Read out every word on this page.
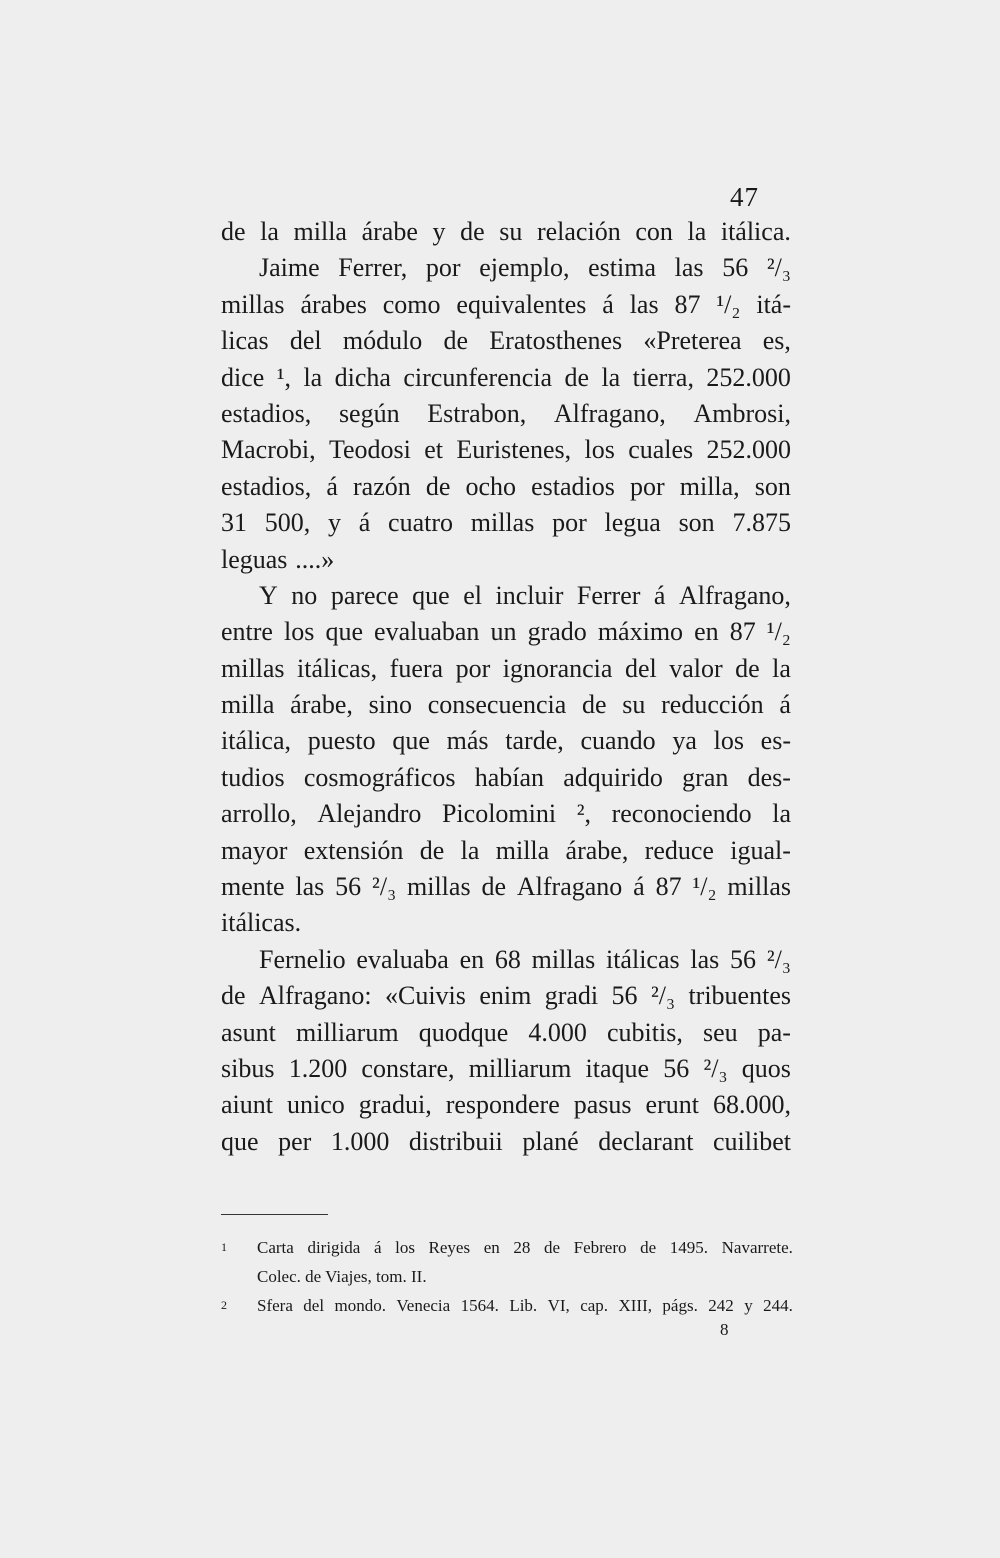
47
de la milla árabe y de su relación con la itálica.
Jaime Ferrer, por ejemplo, estima las 56 ²/₃
millas árabes como equivalentes á las 87 ¹/₂ itá-
licas del módulo de Eratosthenes «Preterea es,
dice ¹, la dicha circunferencia de la tierra, 252.000
estadios, según Estrabon, Alfragano, Ambrosi,
Macrobi, Teodosi et Euristenes, los cuales 252.000
estadios, á razón de ocho estadios por milla, son
31 500, y á cuatro millas por legua son 7.875
leguas ....»
Y no parece que el incluir Ferrer á Alfragano,
entre los que evaluaban un grado máximo en 87 ¹/₂
millas itálicas, fuera por ignorancia del valor de la
milla árabe, sino consecuencia de su reducción á
itálica, puesto que más tarde, cuando ya los es-
tudios cosmográficos habían adquirido gran des-
arrollo, Alejandro Picolomini ², reconociendo la
mayor extensión de la milla árabe, reduce igual-
mente las 56 ²/₃ millas de Alfragano á 87 ¹/₂ millas
itálicas.
Fernelio evaluaba en 68 millas itálicas las 56 ²/₃
de Alfragano: «Cuivis enim gradi 56 ²/₃ tribuentes
asunt milliarum quodque 4.000 cubitis, seu pa-
sibus 1.200 constare, milliarum itaque 56 ²/₃ quos
aiunt unico gradui, respondere pasus erunt 68.000,
que per 1.000 distribuii plané declarant cuilibet
1	Carta dirigida á los Reyes en 28 de Febrero de 1495. Navarrete.
Colec. de Viajes, tom. II.
2	Sfera del mondo. Venecia 1564. Lib. VI, cap. XIII, págs. 242 y 244.
8
